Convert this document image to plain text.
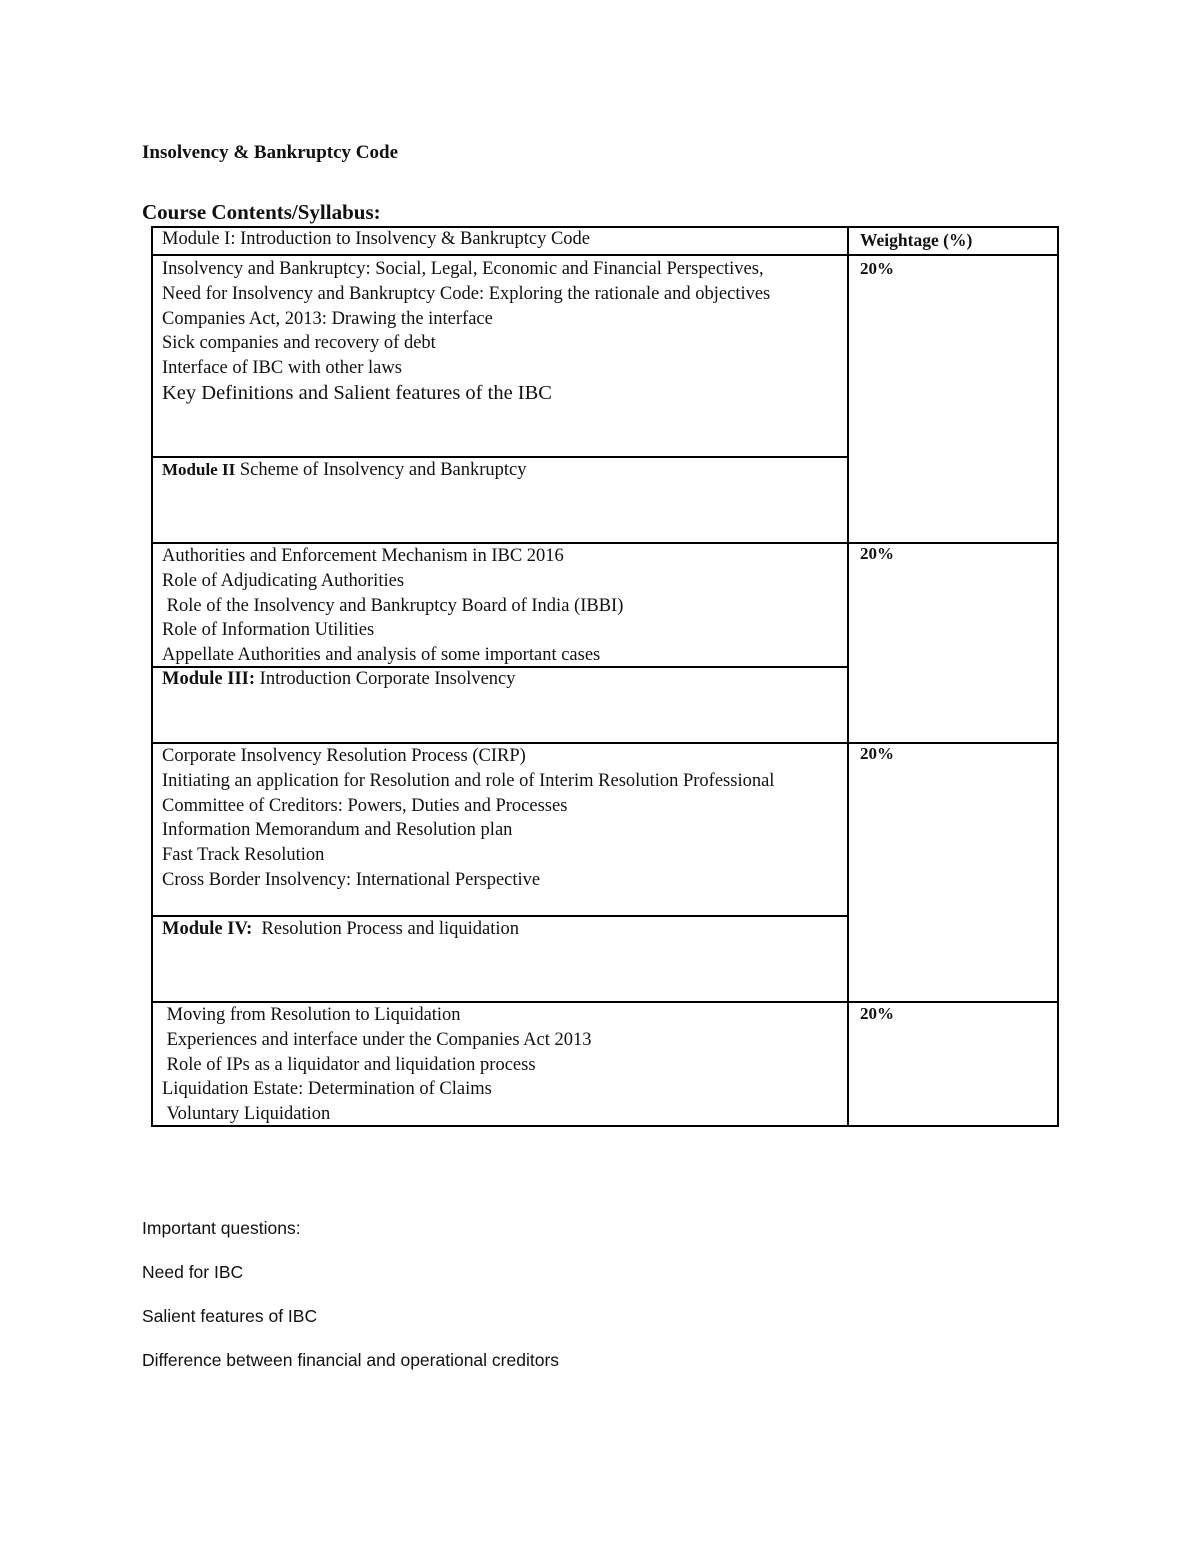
Insolvency & Bankruptcy Code
Course Contents/Syllabus:
Module I: Introduction to Insolvency & Bankruptcy Code	Weightage (%)
Insolvency and Bankruptcy: Social, Legal, Economic and Financial Perspectives,
Need for Insolvency and Bankruptcy Code: Exploring the rationale and objectives
Companies Act, 2013: Drawing the interface
Sick companies and recovery of debt
Interface of IBC with other laws
Key Definitions and Salient features of the IBC
20%
Module II Scheme of Insolvency and Bankruptcy
Authorities and Enforcement Mechanism in IBC 2016
Role of Adjudicating Authorities
Role of the Insolvency and Bankruptcy Board of India (IBBI)
Role of Information Utilities
Appellate Authorities and analysis of some important cases
20%
Module III: Introduction Corporate Insolvency
Corporate Insolvency Resolution Process (CIRP)
Initiating an application for Resolution and role of Interim Resolution Professional
Committee of Creditors: Powers, Duties and Processes
Information Memorandum and Resolution plan
Fast Track Resolution
Cross Border Insolvency: International Perspective
20%
Module IV:  Resolution Process and liquidation
Moving from Resolution to Liquidation
Experiences and interface under the Companies Act 2013
Role of IPs as a liquidator and liquidation process
Liquidation Estate: Determination of Claims
Voluntary Liquidation
20%
Important questions:
Need for IBC
Salient features of IBC
Difference between financial and operational creditors
